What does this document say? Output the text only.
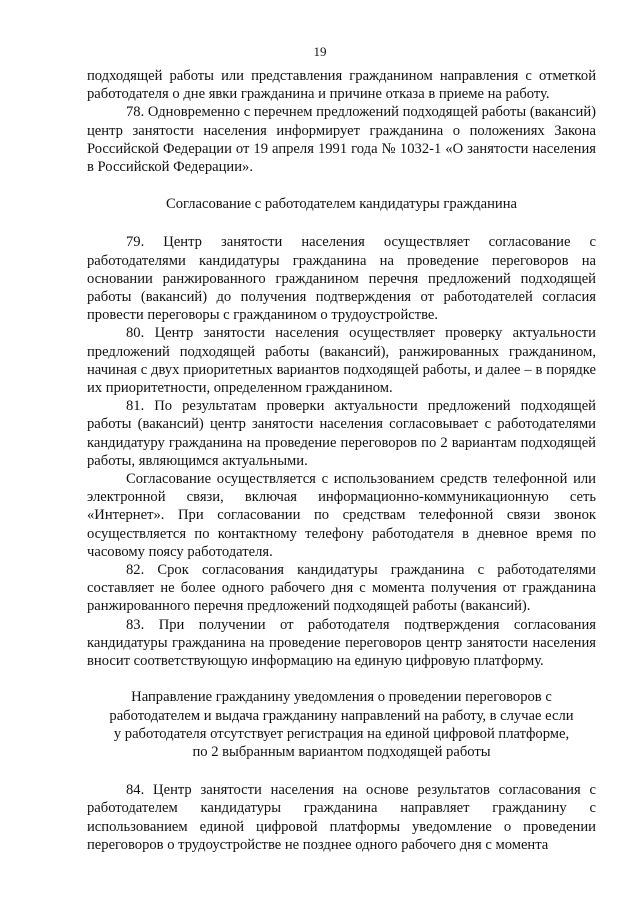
19

подходящей работы или представления гражданином направления с отметкой работодателя о дне явки гражданина и причине отказа в приеме на работу.

78. Одновременно с перечнем предложений подходящей работы (вакансий) центр занятости населения информирует гражданина о положениях Закона Российской Федерации от 19 апреля 1991 года № 1032-1 «О занятости населения в Российской Федерации».

Согласование с работодателем кандидатуры гражданина

79. Центр занятости населения осуществляет согласование с работодателями кандидатуры гражданина на проведение переговоров на основании ранжированного гражданином перечня предложений подходящей работы (вакансий) до получения подтверждения от работодателей согласия провести переговоры с гражданином о трудоустройстве.

80. Центр занятости населения осуществляет проверку актуальности предложений подходящей работы (вакансий), ранжированных гражданином, начиная с двух приоритетных вариантов подходящей работы, и далее – в порядке их приоритетности, определенном гражданином.

81. По результатам проверки актуальности предложений подходящей работы (вакансий) центр занятости населения согласовывает с работодателями кандидатуру гражданина на проведение переговоров по 2 вариантам подходящей работы, являющимся актуальными.

Согласование осуществляется с использованием средств телефонной или электронной связи, включая информационно-коммуникационную сеть «Интернет». При согласовании по средствам телефонной связи звонок осуществляется по контактному телефону работодателя в дневное время по часовому поясу работодателя.

82. Срок согласования кандидатуры гражданина с работодателями составляет не более одного рабочего дня с момента получения от гражданина ранжированного перечня предложений подходящей работы (вакансий).

83. При получении от работодателя подтверждения согласования кандидатуры гражданина на проведение переговоров центр занятости населения вносит соответствующую информацию на единую цифровую платформу.

Направление гражданину уведомления о проведении переговоров с
работодателем и выдача гражданину направлений на работу, в случае если
у работодателя отсутствует регистрация на единой цифровой платформе,
по 2 выбранным вариантом подходящей работы

84. Центр занятости населения на основе результатов согласования с работодателем кандидатуры гражданина направляет гражданину с использованием единой цифровой платформы уведомление о проведении переговоров о трудоустройстве не позднее одного рабочего дня с момента
